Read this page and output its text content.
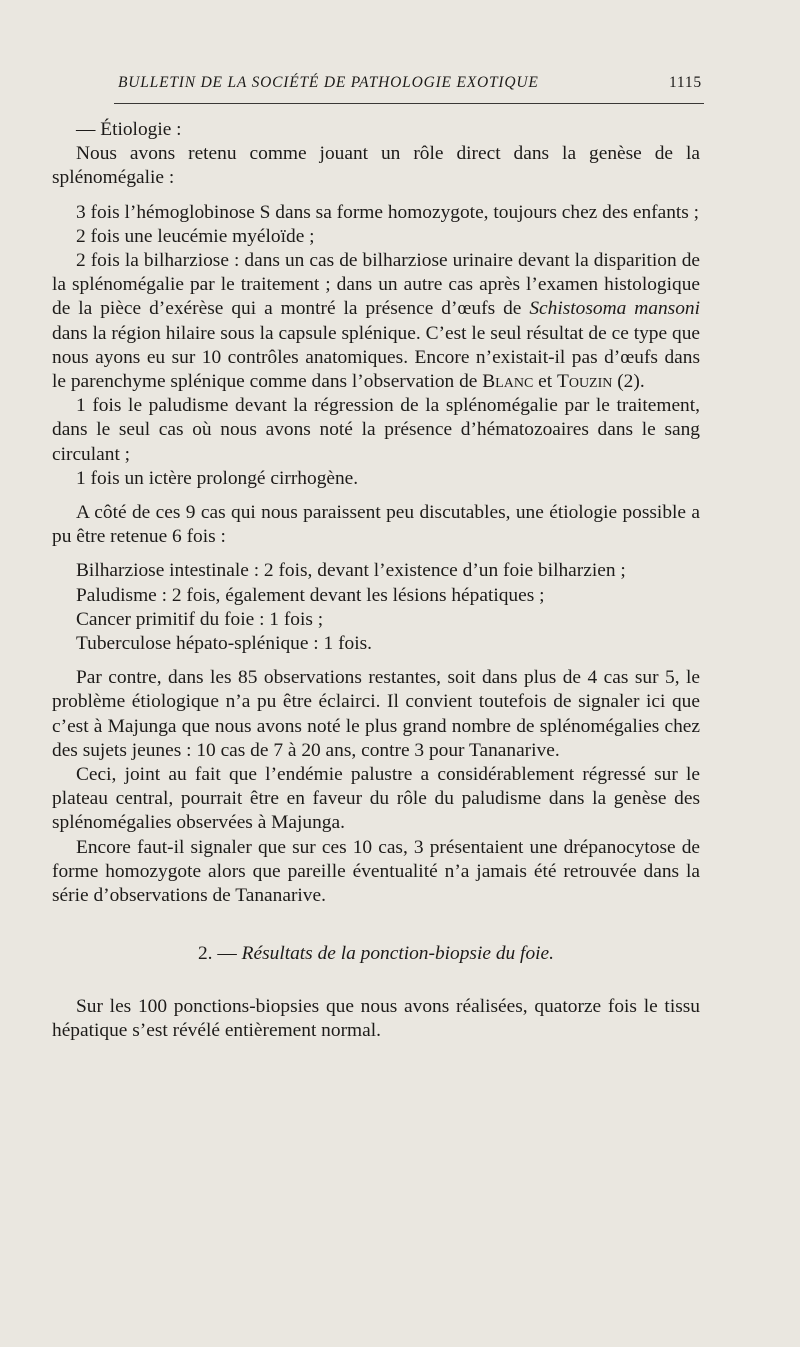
BULLETIN DE LA SOCIÉTÉ DE PATHOLOGIE EXOTIQUE	1115

— Étiologie :

Nous avons retenu comme jouant un rôle direct dans la genèse de la splénomégalie :

3 fois l’hémoglobinose S dans sa forme homozygote, toujours chez des enfants ;

2 fois une leucémie myéloïde ;

2 fois la bilharziose : dans un cas de bilharziose urinaire devant la disparition de la splénomégalie par le traitement ; dans un autre cas après l’examen histologique de la pièce d’exérèse qui a montré la présence d’œufs de Schistosoma mansoni dans la région hilaire sous la capsule splénique. C’est le seul résultat de ce type que nous ayons eu sur 10 contrôles anatomiques. Encore n’existait-il pas d’œufs dans le parenchyme splénique comme dans l’observation de Blanc et Touzin (2).

1 fois le paludisme devant la régression de la splénomégalie par le traitement, dans le seul cas où nous avons noté la présence d’hématozoaires dans le sang circulant ;

1 fois un ictère prolongé cirrhogène.

A côté de ces 9 cas qui nous paraissent peu discutables, une étiologie possible a pu être retenue 6 fois :

Bilharziose intestinale : 2 fois, devant l’existence d’un foie bilharzien ;

Paludisme : 2 fois, également devant les lésions hépatiques ;

Cancer primitif du foie : 1 fois ;

Tuberculose hépato-splénique : 1 fois.

Par contre, dans les 85 observations restantes, soit dans plus de 4 cas sur 5, le problème étiologique n’a pu être éclairci. Il convient toutefois de signaler ici que c’est à Majunga que nous avons noté le plus grand nombre de splénomégalies chez des sujets jeunes : 10 cas de 7 à 20 ans, contre 3 pour Tananarive.

Ceci, joint au fait que l’endémie palustre a considérablement régressé sur le plateau central, pourrait être en faveur du rôle du paludisme dans la genèse des splénomégalies observées à Majunga.

Encore faut-il signaler que sur ces 10 cas, 3 présentaient une drépanocytose de forme homozygote alors que pareille éventualité n’a jamais été retrouvée dans la série d’observations de Tananarive.

2. — Résultats de la ponction-biopsie du foie.

Sur les 100 ponctions-biopsies que nous avons réalisées, quatorze fois le tissu hépatique s’est révélé entièrement normal.
